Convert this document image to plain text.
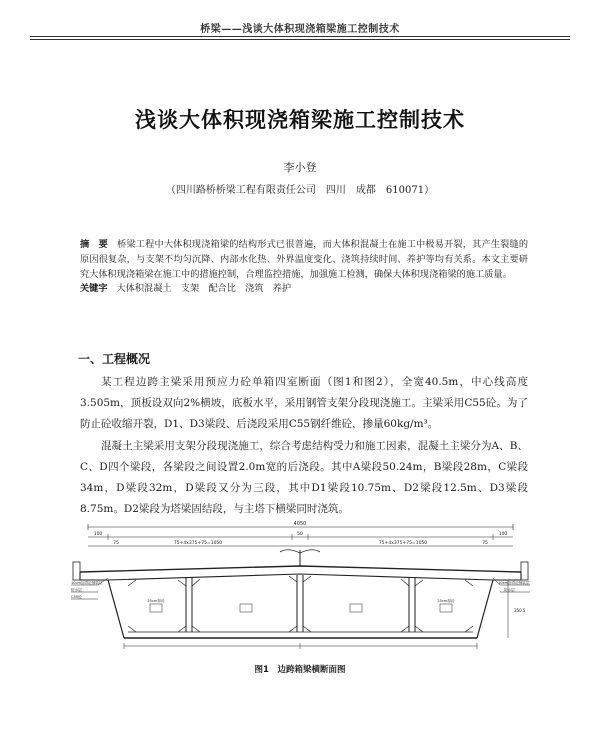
桥梁——浅谈大体积现浇箱梁施工控制技术
浅谈大体积现浇箱梁施工控制技术
李小登
（四川路桥桥梁工程有限责任公司　四川　成都　610071）
摘　要 桥梁工程中大体积现浇箱梁的结构形式已很普遍，而大体积混凝土在施工中极易开裂，其产生裂缝的原因很复杂，与支架不均匀沉降、内部水化热、外界温度变化、浇筑持续时间、养护等均有关系。本文主要研究大体积现浇箱梁在施工中的措施控制，合理监控措施，加强施工检测，确保大体积现浇箱梁的施工质量。
关键字 大体积混凝土　支架　配合比　浇筑　养护
一、工程概况
某工程边跨主梁采用预应力砼单箱四室断面（图1和图2），全宽40.5m，中心线高度3.505m，顶板设双向2%横坡，底板水平，采用钢管支架分段现浇施工。主梁采用C55砼。为了防止砼收缩开裂，D1、D3梁段、后浇段采用C55钢纤维砼，掺量60kg/m³。
混凝土主梁采用支架分段现浇施工，综合考虑结构受力和施工因素，混凝土主梁分为A、B、C、D四个梁段，各梁段之间设置2.0m宽的后浇段。其中A梁段50.24m，B梁段28m，C梁段34m，D梁段32m，D梁段又分为三段，其中D1梁段10.75m、D2梁段12.5m、D3梁段8.75m。D2梁段为塔梁固结段，与主塔下横梁同时浇筑。
4050
100	50	100
75+4x375+75=1050	75+4x375+75=1050
75	75
25cm厚砼	25cm厚砼
350.5
10cm沥青砼铺装层
防水层
C55砼
10cm沥青砼铺装层
防水层
图1　边跨箱梁横断面图
